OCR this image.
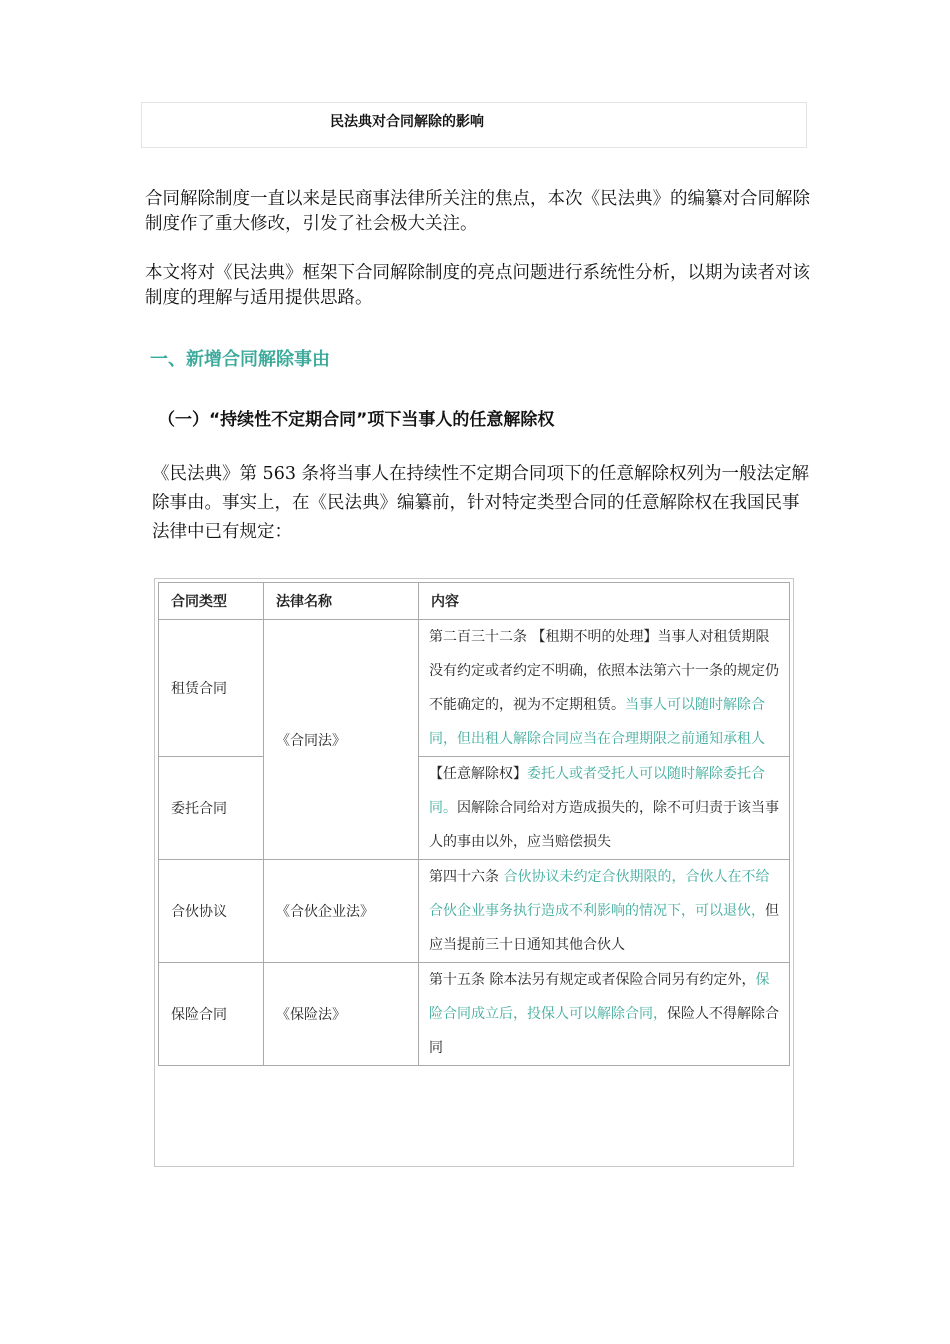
民法典对合同解除的影响
合同解除制度一直以来是民商事法律所关注的焦点，本次《民法典》的编纂对合同解除制度作了重大修改，引发了社会极大关注。
本文将对《民法典》框架下合同解除制度的亮点问题进行系统性分析，以期为读者对该制度的理解与适用提供思路。
一、新增合同解除事由
（一）“持续性不定期合同”项下当事人的任意解除权
《民法典》第 563 条将当事人在持续性不定期合同项下的任意解除权列为一般法定解除事由。事实上，在《民法典》编纂前，针对特定类型合同的任意解除权在我国民事法律中已有规定：
合同类型	法律名称	内容
租赁合同	《合同法》	第二百三十二条 【租期不明的处理】当事人对租赁期限没有约定或者约定不明确，依照本法第六十一条的规定仍不能确定的，视为不定期租赁。当事人可以随时解除合同，但出租人解除合同应当在合理期限之前通知承租人
委托合同		【任意解除权】委托人或者受托人可以随时解除委托合同。因解除合同给对方造成损失的，除不可归责于该当事人的事由以外，应当赔偿损失
合伙协议	《合伙企业法》	第四十六条 合伙协议未约定合伙期限的，合伙人在不给合伙企业事务执行造成不利影响的情况下，可以退伙，但应当提前三十日通知其他合伙人
保险合同	《保险法》	第十五条 除本法另有规定或者保险合同另有约定外，保险合同成立后，投保人可以解除合同，保险人不得解除合同
